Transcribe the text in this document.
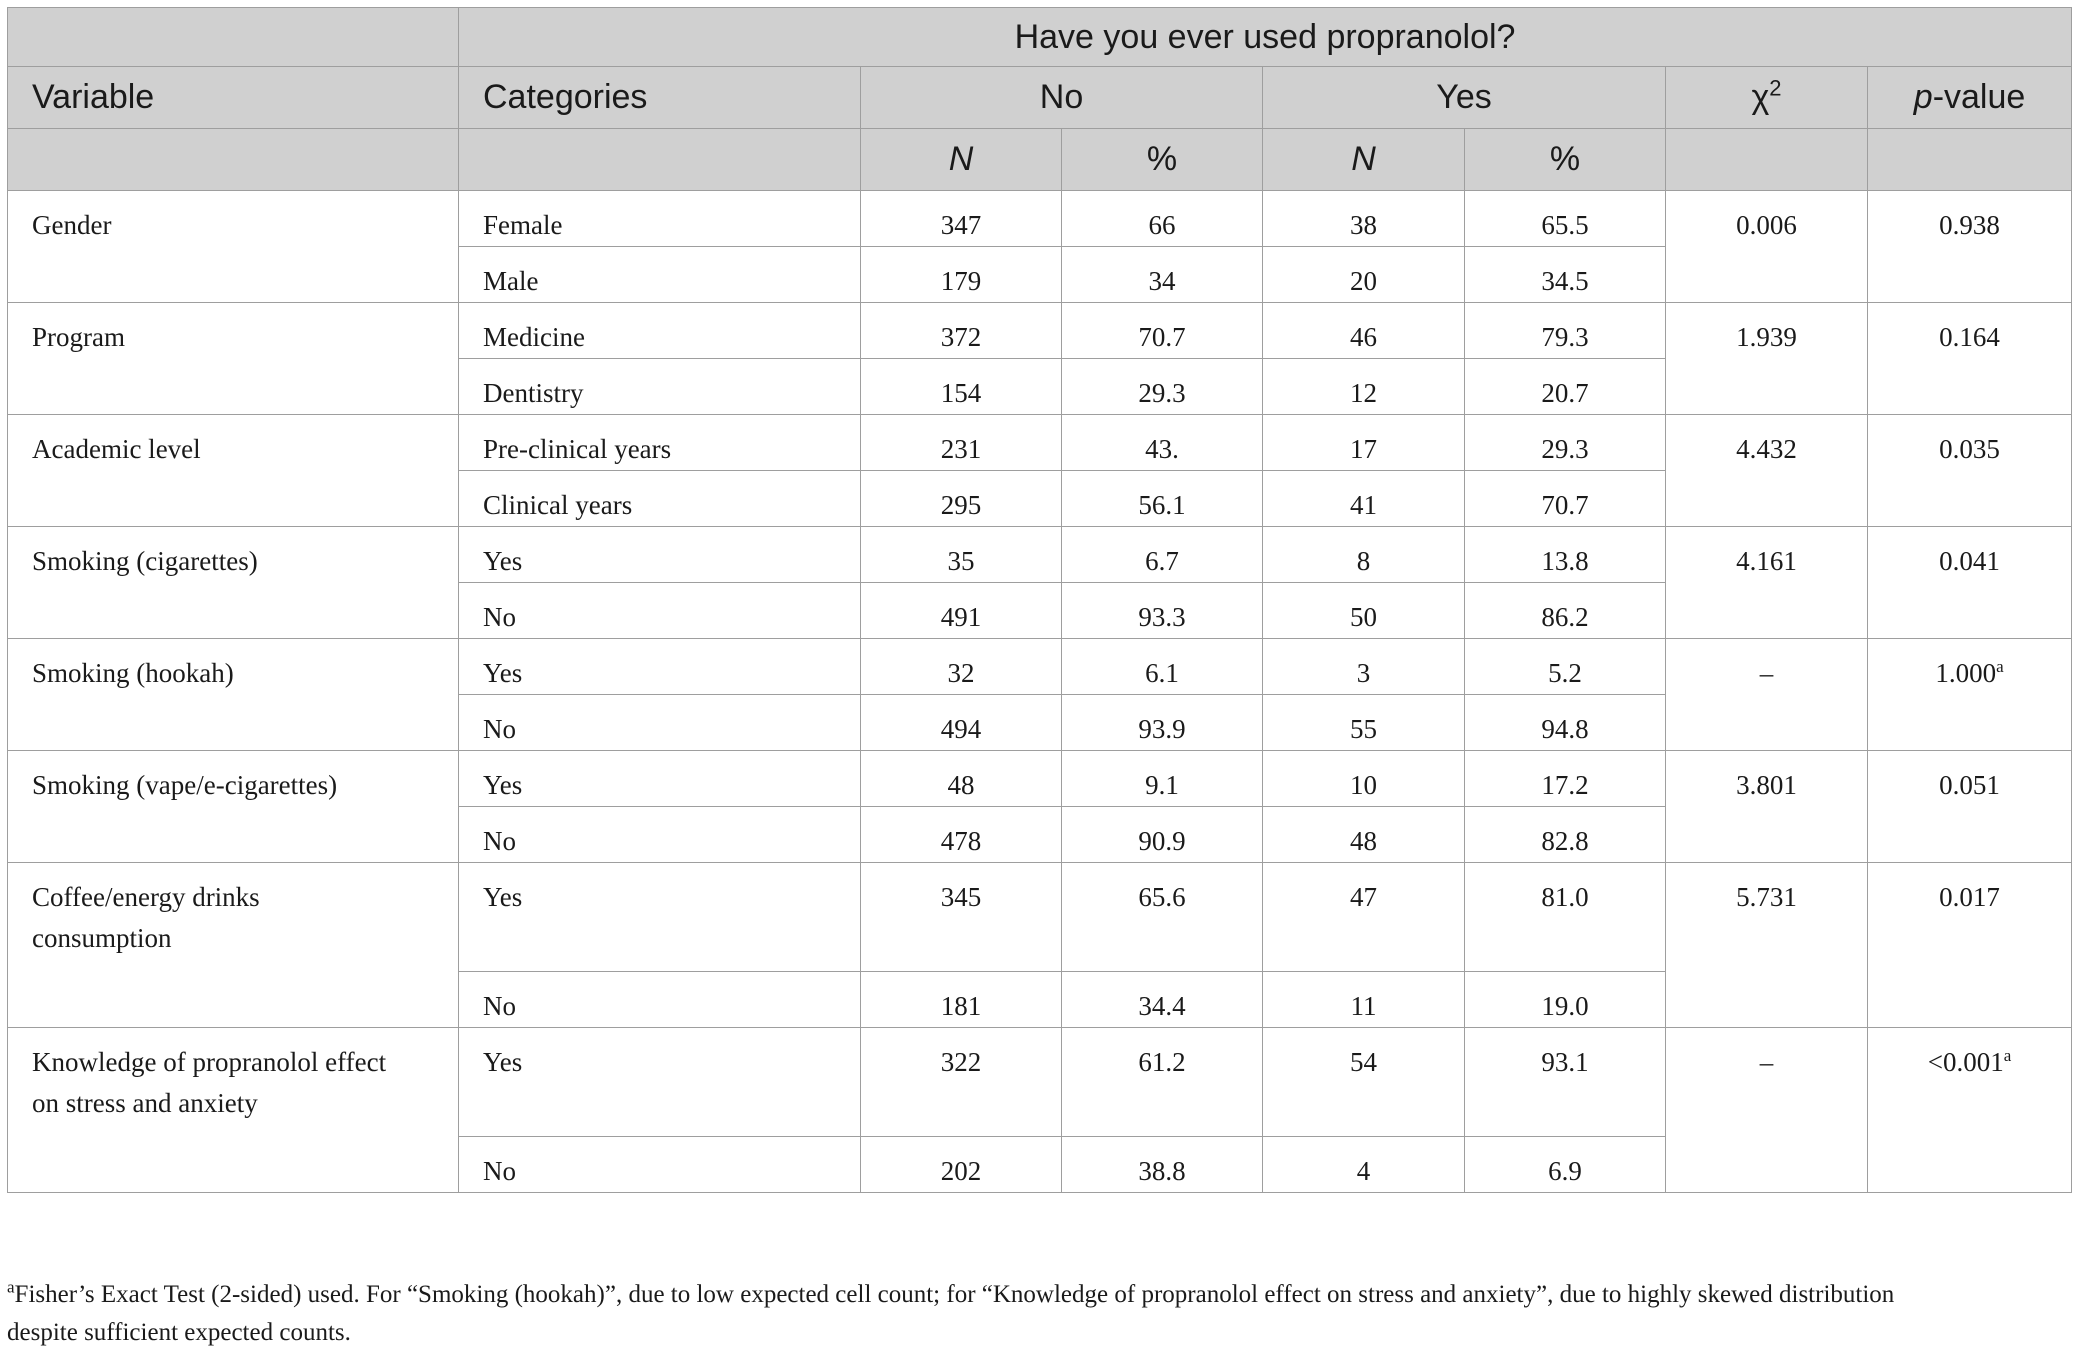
	Have you ever used propranolol?						
Variable	Categories	No		Yes		$\chi^2$	p-value
		N	%	N	%		
Gender	Female	347	66	38	65.5	0.006	0.938
	Male	179	34	20	34.5		
Program	Medicine	372	70.7	46	79.3	1.939	0.164
	Dentistry	154	29.3	12	20.7		
Academic level	Pre-clinical years	231	43.	17	29.3	4.432	0.035
	Clinical years	295	56.1	41	70.7		
Smoking (cigarettes)	Yes	35	6.7	8	13.8	4.161	0.041
	No	491	93.3	50	86.2		
Smoking (hookah)	Yes	32	6.1	3	5.2	–	1.000$^a$
	No	494	93.9	55	94.8		
Smoking (vape/e-cigarettes)	Yes	48	9.1	10	17.2	3.801	0.051
	No	478	90.9	48	82.8		

Coffee/energy drinks
consumption	Yes	345	65.6	47	81.0	5.731	0.017
	No	181	34.4	11	19.0		

Knowledge of propranolol effect
on stress and anxiety	Yes	322	61.2	54	93.1	–	<0.001$^a$
	No	202	38.8	4	6.9		
$^a$Fisher’s Exact Test (2-sided) used. For “Smoking (hookah)”, due to low expected cell count; for “Knowledge of propranolol effect on stress and anxiety”, due to highly skewed distribution
despite sufficient expected counts.
